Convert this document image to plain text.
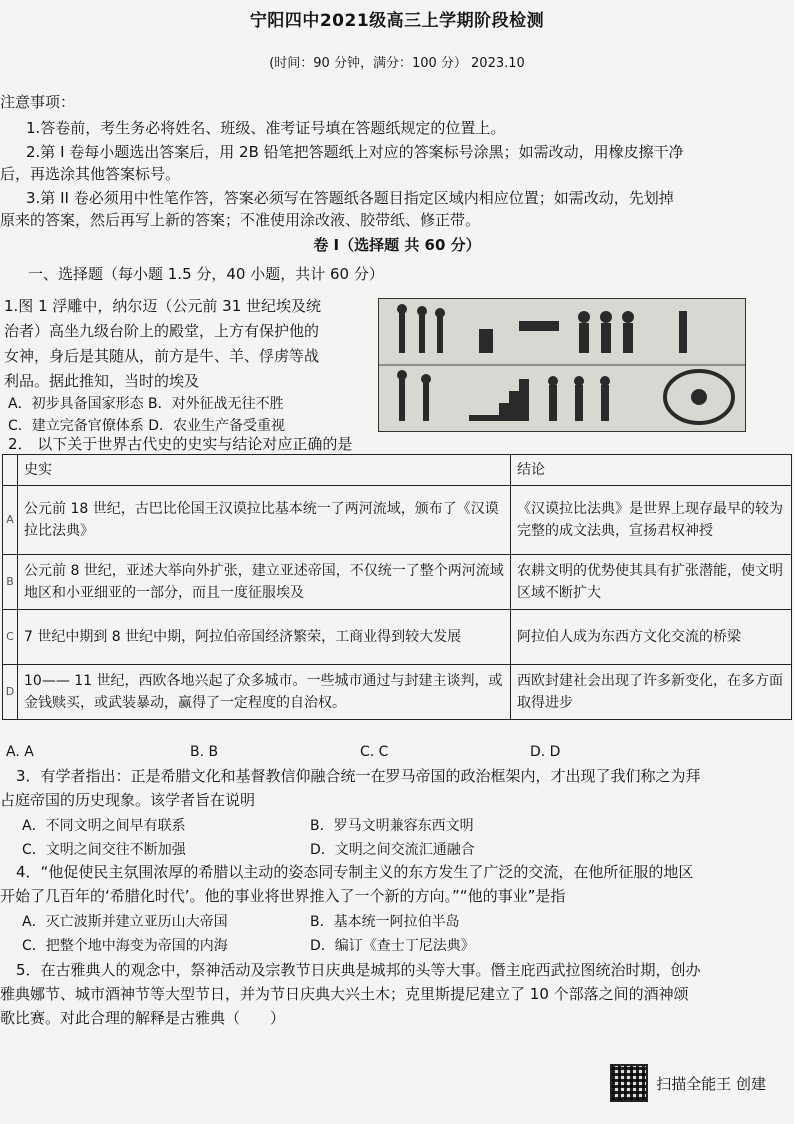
宁阳四中2021级高三上学期阶段检测
(时间：90 分钟，满分：100 分） 2023.10
注意事项：
1.答卷前，考生务必将姓名、班级、准考证号填在答题纸规定的位置上。
2.第 I 卷每小题选出答案后，用 2B 铅笔把答题纸上对应的答案标号涂黑；如需改动，用橡皮擦干净
后，再选涂其他答案标号。
3.第 II 卷必须用中性笔作答，答案必须写在答题纸各题目指定区域内相应位置；如需改动，先划掉
原来的答案，然后再写上新的答案；不准使用涂改液、胶带纸、修正带。
卷 I（选择题 共 60 分）
一、选择题（每小题 1.5 分，40 小题，共计 60 分）
1.图 1 浮雕中，纳尔迈（公元前 31 世纪埃及统
治者）高坐九级台阶上的殿堂，上方有保护他的
女神，身后是其随从，前方是牛、羊、俘虏等战
利品。据此推知，当时的埃及
A．初步具备国家形态 B．对外征战无往不胜
C．建立完备官僚体系 D．农业生产备受重视
2． 以下关于世界古代史的史实与结论对应正确的是
	史实	结论
A	公元前 18 世纪，古巴比伦国王汉谟拉比基本统一了两河流域，颁布了《汉谟拉比法典》	《汉谟拉比法典》是世界上现存最早的较为完整的成文法典，宣扬君权神授
B	公元前 8 世纪，亚述大举向外扩张，建立亚述帝国，不仅统一了整个两河流域地区和小亚细亚的一部分，而且一度征服埃及	农耕文明的优势使其具有扩张潜能，使文明区域不断扩大
C	7 世纪中期到 8 世纪中期，阿拉伯帝国经济繁荣，工商业得到较大发展	阿拉伯人成为东西方文化交流的桥梁
D	10—— 11 世纪，西欧各地兴起了众多城市。一些城市通过与封建主谈判，或金钱赎买，或武装暴动，赢得了一定程度的自治权。	西欧封建社会出现了许多新变化，在多方面取得进步
A. A	B. B	C. C	D. D
3．有学者指出：正是希腊文化和基督教信仰融合统一在罗马帝国的政治框架内，才出现了我们称之为拜
占庭帝国的历史现象。该学者旨在说明
A．不同文明之间早有联系	B．罗马文明兼容东西文明
C．文明之间交往不断加强	D．文明之间交流汇通融合
4．“他促使民主氛围浓厚的希腊以主动的姿态同专制主义的东方发生了广泛的交流，在他所征服的地区
开始了几百年的‘希腊化时代’。他的事业将世界推入了一个新的方向。”“他的事业”是指
A．灭亡波斯并建立亚历山大帝国	B．基本统一阿拉伯半岛
C．把整个地中海变为帝国的内海	D．编订《查士丁尼法典》
5．在古雅典人的观念中，祭神活动及宗教节日庆典是城邦的头等大事。僭主庇西武拉图统治时期，创办
雅典娜节、城市酒神节等大型节日，并为节日庆典大兴土木；克里斯提尼建立了 10 个部落之间的酒神颂
歌比赛。对此合理的解释是古雅典（　　）
扫描全能王 创建
